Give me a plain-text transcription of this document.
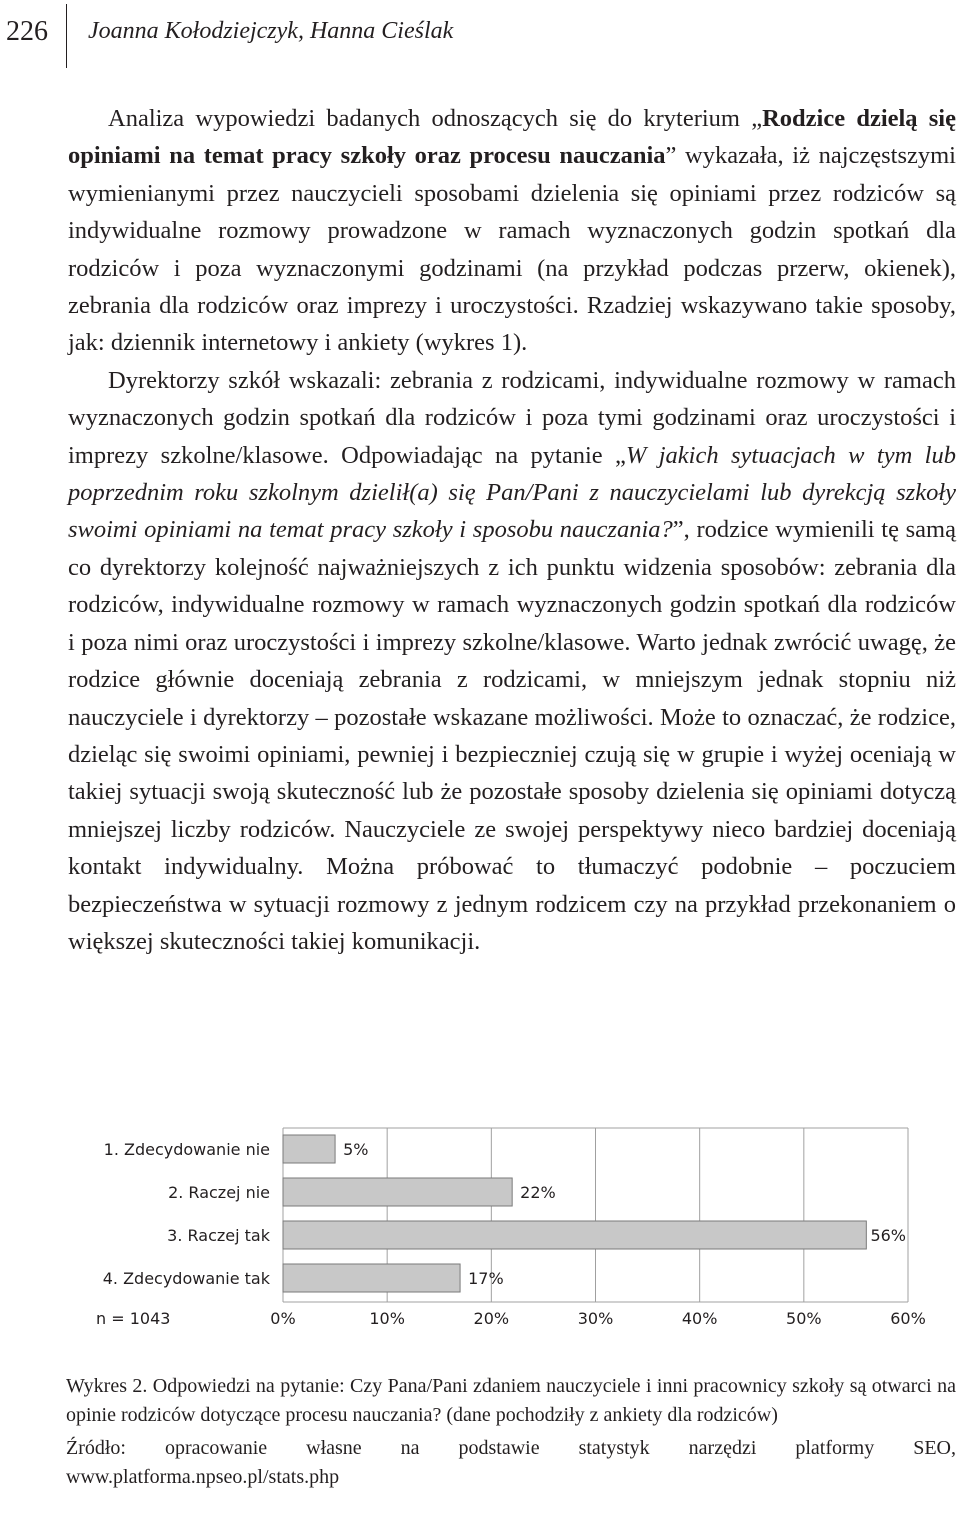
226 Joanna Kołodziejczyk, Hanna Cieślak

Analiza wypowiedzi badanych odnoszących się do kryterium „Rodzice dzielą się opiniami na temat pracy szkoły oraz procesu nauczania” wykazała, iż najczęstszymi wymienianymi przez nauczycieli sposobami dzielenia się opiniami przez rodziców są indywidualne rozmowy prowadzone w ramach wyznaczonych godzin spotkań dla rodziców i poza wyznaczonymi godzinami (na przykład podczas przerw, okienek), zebrania dla rodziców oraz imprezy i uroczystości. Rzadziej wskazywano takie sposoby, jak: dziennik internetowy i ankiety (wykres 1).

Dyrektorzy szkół wskazali: zebrania z rodzicami, indywidualne rozmowy w ramach wyznaczonych godzin spotkań dla rodziców i poza tymi godzinami oraz uroczystości i imprezy szkolne/klasowe. Odpowiadając na pytanie „W jakich sytuacjach w tym lub poprzednim roku szkolnym dzielił(a) się Pan/Pani z nauczycielami lub dyrekcją szkoły swoimi opiniami na temat pracy szkoły i sposobu nauczania?”, rodzice wymienili tę samą co dyrektorzy kolejność najważniejszych z ich punktu widzenia sposobów: zebrania dla rodziców, indywidualne rozmowy w ramach wyznaczonych godzin spotkań dla rodziców i poza nimi oraz uroczystości i imprezy szkolne/klasowe. Warto jednak zwrócić uwagę, że rodzice głównie doceniają zebrania z rodzicami, w mniejszym jednak stopniu niż nauczyciele i dyrektorzy – pozostałe wskazane możliwości. Może to oznaczać, że rodzice, dzieląc się swoimi opiniami, pewniej i bezpieczniej czują się w grupie i wyżej oceniają w takiej sytuacji swoją skuteczność lub że pozostałe sposoby dzielenia się opiniami dotyczą mniejszej liczby rodziców. Nauczyciele ze swojej perspektywy nieco bardziej doceniają kontakt indywidualny. Można próbować to tłumaczyć podobnie – poczuciem bezpieczeństwa w sytuacji rozmowy z jednym rodzicem czy na przykład przekonaniem o większej skuteczności takiej komunikacji.

1. Zdecydowanie nie	5%
2. Raczej nie	22%
3. Raczej tak	56%
4. Zdecydowanie tak	17%
0%	10%	20%	30%	40%	50%	60%
n = 1043

Wykres 2. Odpowiedzi na pytanie: Czy Pana/Pani zdaniem nauczyciele i inni pracownicy szkoły są otwarci na opinie rodziców dotyczące procesu nauczania? (dane pochodziły z ankiety dla rodziców)

Źródło: opracowanie własne na podstawie statystyk narzędzi platformy SEO, www.platforma.npseo.pl/stats.php
